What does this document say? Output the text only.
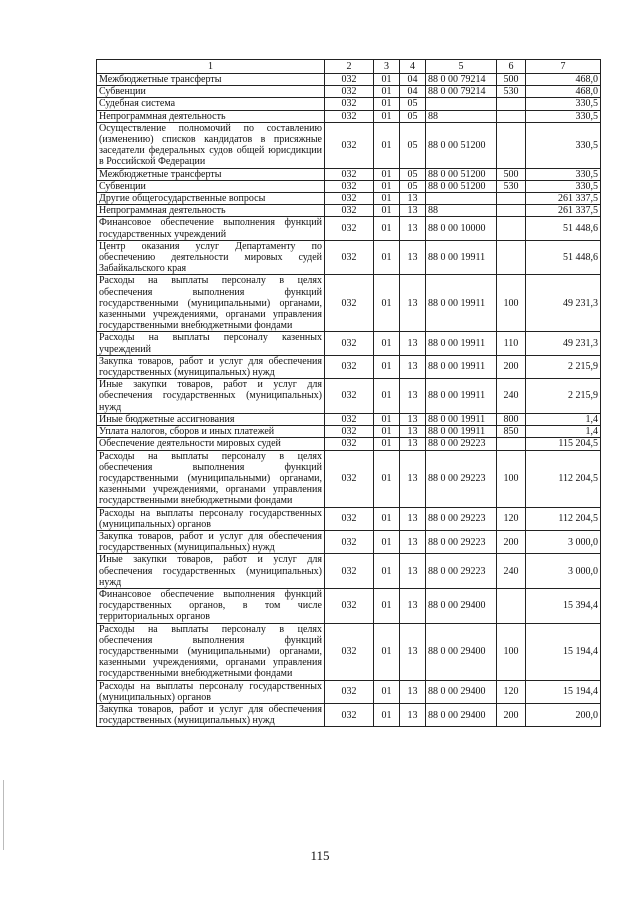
1	2	3	4	5	6	7
Межбюджетные трансферты	032	01	04	88 0 00 79214	500	468,0
Субвенции	032	01	04	88 0 00 79214	530	468,0
Судебная система	032	01	05			330,5
Непрограммная деятельность	032	01	05	88		330,5
Осуществление полномочий по составлению (изменению) списков кандидатов в присяжные заседатели федеральных судов общей юрисдикции в Российской Федерации	032	01	05	88 0 00 51200		330,5
Межбюджетные трансферты	032	01	05	88 0 00 51200	500	330,5
Субвенции	032	01	05	88 0 00 51200	530	330,5
Другие общегосударственные вопросы	032	01	13			261 337,5
Непрограммная деятельность	032	01	13	88		261 337,5
Финансовое обеспечение выполнения функций государственных учреждений	032	01	13	88 0 00 10000		51 448,6
Центр оказания услуг Департаменту по обеспечению деятельности мировых судей Забайкальского края	032	01	13	88 0 00 19911		51 448,6
Расходы на выплаты персоналу в целях обеспечения выполнения функций государственными (муниципальными) органами, казенными учреждениями, органами управления государственными внебюджетными фондами	032	01	13	88 0 00 19911	100	49 231,3
Расходы на выплаты персоналу казенных учреждений	032	01	13	88 0 00 19911	110	49 231,3
Закупка товаров, работ и услуг для обеспечения государственных (муниципальных) нужд	032	01	13	88 0 00 19911	200	2 215,9
Иные закупки товаров, работ и услуг для обеспечения государственных (муниципальных) нужд	032	01	13	88 0 00 19911	240	2 215,9
Иные бюджетные ассигнования	032	01	13	88 0 00 19911	800	1,4
Уплата налогов, сборов и иных платежей	032	01	13	88 0 00 19911	850	1,4
Обеспечение деятельности мировых судей	032	01	13	88 0 00 29223		115 204,5
Расходы на выплаты персоналу в целях обеспечения выполнения функций государственными (муниципальными) органами, казенными учреждениями, органами управления государственными внебюджетными фондами	032	01	13	88 0 00 29223	100	112 204,5
Расходы на выплаты персоналу государственных (муниципальных) органов	032	01	13	88 0 00 29223	120	112 204,5
Закупка товаров, работ и услуг для обеспечения государственных (муниципальных) нужд	032	01	13	88 0 00 29223	200	3 000,0
Иные закупки товаров, работ и услуг для обеспечения государственных (муниципальных) нужд	032	01	13	88 0 00 29223	240	3 000,0
Финансовое обеспечение выполнения функций государственных органов, в том числе территориальных органов	032	01	13	88 0 00 29400		15 394,4
Расходы на выплаты персоналу в целях обеспечения выполнения функций государственными (муниципальными) органами, казенными учреждениями, органами управления государственными внебюджетными фондами	032	01	13	88 0 00 29400	100	15 194,4
Расходы на выплаты персоналу государственных (муниципальных) органов	032	01	13	88 0 00 29400	120	15 194,4
Закупка товаров, работ и услуг для обеспечения государственных (муниципальных) нужд	032	01	13	88 0 00 29400	200	200,0
115
